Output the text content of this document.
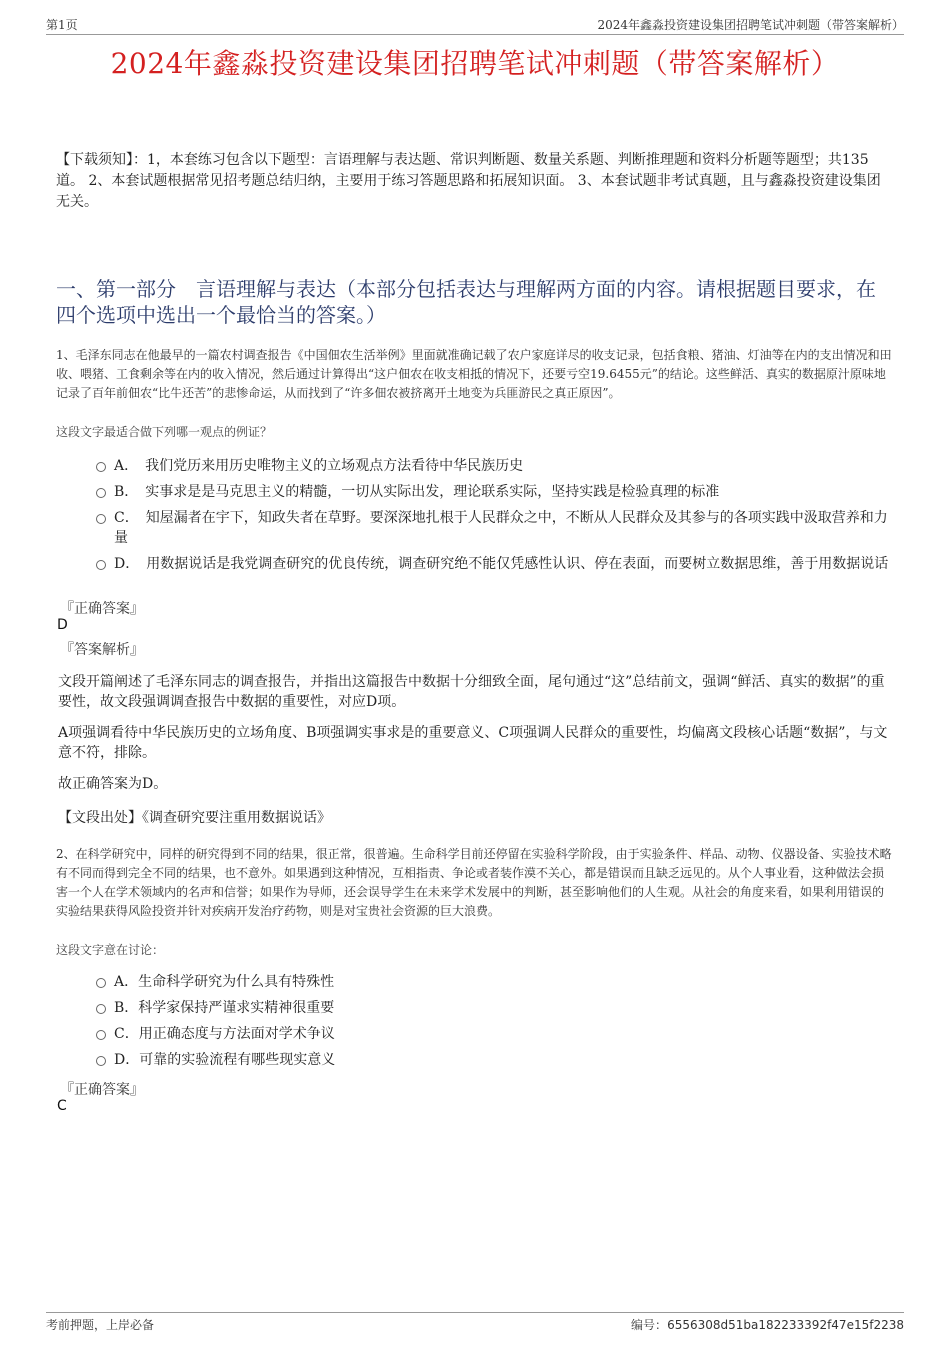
第1页	2024年鑫淼投资建设集团招聘笔试冲刺题（带答案解析）
2024年鑫淼投资建设集团招聘笔试冲刺题（带答案解析）
【下载须知】：1，本套练习包含以下题型：言语理解与表达题、常识判断题、数量关系题、判断推理题和资料分析题等题型；共135道。 2、本套试题根据常见招考题总结归纳，主要用于练习答题思路和拓展知识面。 3、本套试题非考试真题，且与鑫淼投资建设集团无关。
一、第一部分　言语理解与表达（本部分包括表达与理解两方面的内容。请根据题目要求，在四个选项中选出一个最恰当的答案。）
1、毛泽东同志在他最早的一篇农村调查报告《中国佃农生活举例》里面就准确记载了农户家庭详尽的收支记录，包括食粮、猪油、灯油等在内的支出情况和田收、喂猪、工食剩余等在内的收入情况，然后通过计算得出“这户佃农在收支相抵的情况下，还要亏空19.6455元”的结论。这些鲜活、真实的数据原汁原味地记录了百年前佃农“比牛还苦”的悲惨命运，从而找到了“许多佃农被挤离开土地变为兵匪游民之真正原因”。
这段文字最适合做下列哪一观点的例证？
A．　我们党历来用历史唯物主义的立场观点方法看待中华民族历史
B．　实事求是是马克思主义的精髓，一切从实际出发，理论联系实际，坚持实践是检验真理的标准
C．　知屋漏者在宇下，知政失者在草野。要深深地扎根于人民群众之中，不断从人民群众及其参与的各项实践中汲取营养和力量
D．　用数据说话是我党调查研究的优良传统，调查研究绝不能仅凭感性认识、停在表面，而要树立数据思维，善于用数据说话
『正确答案』
D
『答案解析』
文段开篇阐述了毛泽东同志的调查报告，并指出这篇报告中数据十分细致全面，尾句通过“这”总结前文，强调“鲜活、真实的数据”的重要性，故文段强调调查报告中数据的重要性，对应D项。
A项强调看待中华民族历史的立场角度、B项强调实事求是的重要意义、C项强调人民群众的重要性，均偏离文段核心话题“数据”，与文意不符，排除。
故正确答案为D。
【文段出处】《调查研究要注重用数据说话》
2、在科学研究中，同样的研究得到不同的结果，很正常，很普遍。生命科学目前还停留在实验科学阶段，由于实验条件、样品、动物、仪器设备、实验技术略有不同而得到完全不同的结果，也不意外。如果遇到这种情况，互相指责、争论或者装作漠不关心，都是错误而且缺乏远见的。从个人事业看，这种做法会损害一个人在学术领域内的名声和信誉；如果作为导师，还会误导学生在未来学术发展中的判断，甚至影响他们的人生观。从社会的角度来看，如果利用错误的实验结果获得风险投资并针对疾病开发治疗药物，则是对宝贵社会资源的巨大浪费。
这段文字意在讨论：
A．生命科学研究为什么具有特殊性
B．科学家保持严谨求实精神很重要
C．用正确态度与方法面对学术争议
D．可靠的实验流程有哪些现实意义
『正确答案』
C
考前押题，上岸必备	编号：6556308d51ba182233392f47e15f2238
